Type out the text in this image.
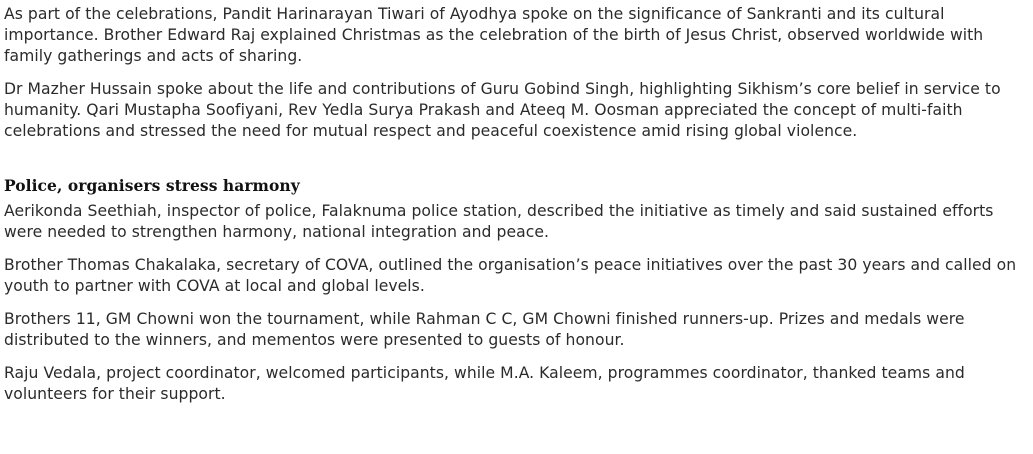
As part of the celebrations, Pandit Harinarayan Tiwari of Ayodhya spoke on the significance of Sankranti and its cultural importance. Brother Edward Raj explained Christmas as the celebration of the birth of Jesus Christ, observed worldwide with family gatherings and acts of sharing.

Dr Mazher Hussain spoke about the life and contributions of Guru Gobind Singh, highlighting Sikhism’s core belief in service to humanity. Qari Mustapha Soofiyani, Rev Yedla Surya Prakash and Ateeq M. Oosman appreciated the concept of multi-faith celebrations and stressed the need for mutual respect and peaceful coexistence amid rising global violence.

Police, organisers stress harmony

Aerikonda Seethiah, inspector of police, Falaknuma police station, described the initiative as timely and said sustained efforts were needed to strengthen harmony, national integration and peace.

Brother Thomas Chakalaka, secretary of COVA, outlined the organisation’s peace initiatives over the past 30 years and called on youth to partner with COVA at local and global levels.

Brothers 11, GM Chowni won the tournament, while Rahman C C, GM Chowni finished runners-up. Prizes and medals were distributed to the winners, and mementos were presented to guests of honour.

Raju Vedala, project coordinator, welcomed participants, while M.A. Kaleem, programmes coordinator, thanked teams and volunteers for their support.
